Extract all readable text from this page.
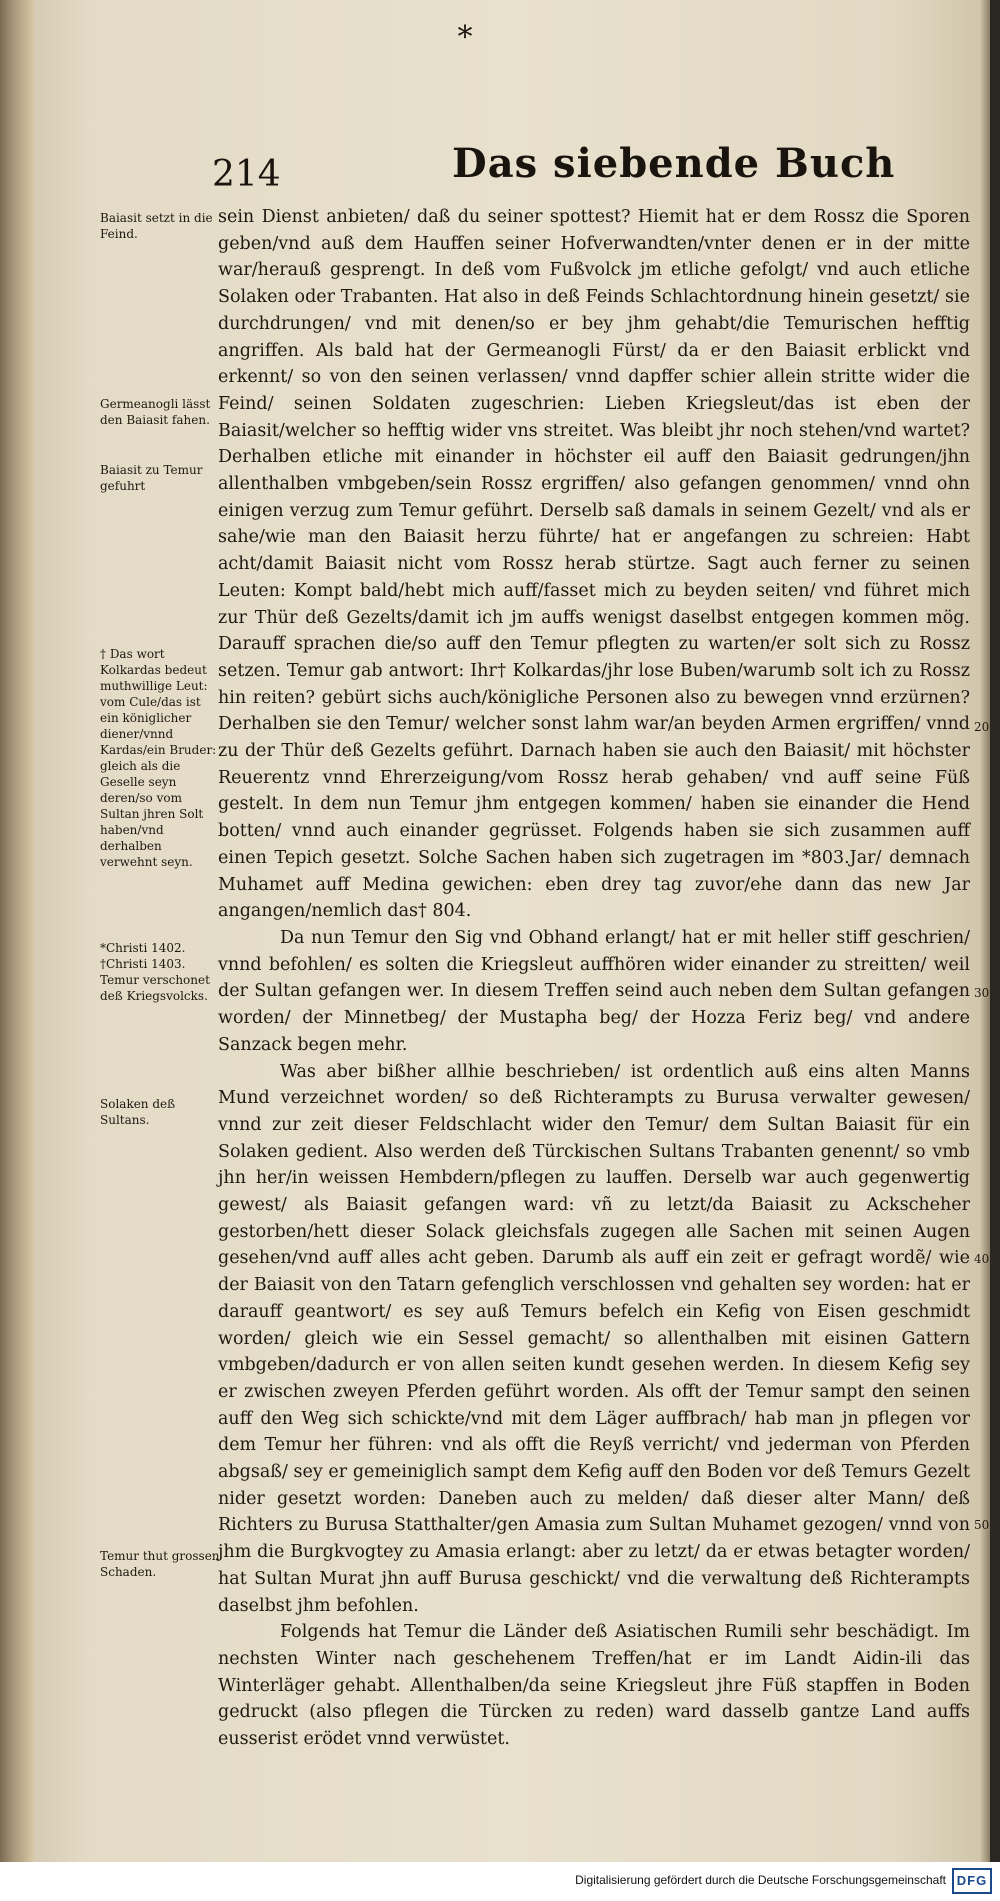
*
214	Das siebende Buch
Baiasit setzt in die Feind.
Germeanogli lässt den Baiasit fahen.
Baiasit zu Temur gefuhrt
† Das wort Kolkardas bedeut muthwillige Leut: vom Cule/das ist ein königlicher diener/vnnd Kardas/ein Bruder: gleich als die Geselle seyn deren/so vom Sultan jhren Solt haben/vnd derhalben verwehnt seyn.
*Christi 1402.
†Christi 1403.
Temur verschonet deß Kriegsvolcks.
Solaken deß Sultans.
Temur thut grossen Schaden.
20
30
40
50

sein Dienst anbieten/ daß du seiner spottest? Hiemit hat er dem Rossz die Sporen geben/vnd auß dem Hauffen seiner Hofverwandten/vnter denen er in der mitte war/herauß gesprengt. In deß vom Fußvolck jm etliche gefolgt/ vnd auch etliche Solaken oder Trabanten. Hat also in deß Feinds Schlachtordnung hinein gesetzt/ sie durchdrungen/ vnd mit denen/so er bey jhm gehabt/die Temurischen hefftig angriffen. Als bald hat der Germeanogli Fürst/ da er den Baiasit erblickt vnd erkennt/ so von den seinen verlassen/ vnnd dapffer schier allein stritte wider die Feind/ seinen Soldaten zugeschrien: Lieben Kriegsleut/das ist eben der Baiasit/welcher so hefftig wider vns streitet. Was bleibt jhr noch stehen/vnd wartet? Derhalben etliche mit einander in höchster eil auff den Baiasit gedrungen/jhn allenthalben vmbgeben/sein Rossz ergriffen/ also gefangen genommen/ vnnd ohn einigen verzug zum Temur geführt. Derselb saß damals in seinem Gezelt/ vnd als er sahe/wie man den Baiasit herzu führte/ hat er angefangen zu schreien: Habt acht/damit Baiasit nicht vom Rossz herab stürtze. Sagt auch ferner zu seinen Leuten: Kompt bald/hebt mich auff/fasset mich zu beyden seiten/ vnd führet mich zur Thür deß Gezelts/damit ich jm auffs wenigst daselbst entgegen kommen mög. Darauff sprachen die/so auff den Temur pflegten zu warten/er solt sich zu Rossz setzen. Temur gab antwort: Ihr† Kolkardas/jhr lose Buben/warumb solt ich zu Rossz hin reiten? gebürt sichs auch/königliche Personen also zu bewegen vnnd erzürnen? Derhalben sie den Temur/ welcher sonst lahm war/an beyden Armen ergriffen/ vnnd zu der Thür deß Gezelts geführt. Darnach haben sie auch den Baiasit/ mit höchster Reuerentz vnnd Ehrerzeigung/vom Rossz herab gehaben/ vnd auff seine Füß gestelt. In dem nun Temur jhm entgegen kommen/ haben sie einander die Hend botten/ vnnd auch einander gegrüsset. Folgends haben sie sich zusammen auff einen Tepich gesetzt. Solche Sachen haben sich zugetragen im *803.Jar/ demnach Muhamet auff Medina gewichen: eben drey tag zuvor/ehe dann das new Jar angangen/nemlich das† 804.

Da nun Temur den Sig vnd Obhand erlangt/ hat er mit heller stiff geschrien/ vnnd befohlen/ es solten die Kriegsleut auffhören wider einander zu streitten/ weil der Sultan gefangen wer. In diesem Treffen seind auch neben dem Sultan gefangen worden/ der Minnetbeg/ der Mustapha beg/ der Hozza Feriz beg/ vnd andere Sanzack begen mehr.

Was aber bißher allhie beschrieben/ ist ordentlich auß eins alten Manns Mund verzeichnet worden/ so deß Richterampts zu Burusa verwalter gewesen/ vnnd zur zeit dieser Feldschlacht wider den Temur/ dem Sultan Baiasit für ein Solaken gedient. Also werden deß Türckischen Sultans Trabanten genennt/ so vmb jhn her/in weissen Hembdern/pflegen zu lauffen. Derselb war auch gegenwertig gewest/ als Baiasit gefangen ward: vñ zu letzt/da Baiasit zu Ackscheher gestorben/hett dieser Solack gleichsfals zugegen alle Sachen mit seinen Augen gesehen/vnd auff alles acht geben. Darumb als auff ein zeit er gefragt wordẽ/ wie der Baiasit von den Tatarn gefenglich verschlossen vnd gehalten sey worden: hat er darauff geantwort/ es sey auß Temurs befelch ein Kefig von Eisen geschmidt worden/ gleich wie ein Sessel gemacht/ so allenthalben mit eisinen Gattern vmbgeben/dadurch er von allen seiten kundt gesehen werden. In diesem Kefig sey er zwischen zweyen Pferden geführt worden. Als offt der Temur sampt den seinen auff den Weg sich schickte/vnd mit dem Läger auffbrach/ hab man jn pflegen vor dem Temur her führen: vnd als offt die Reyß verricht/ vnd jederman von Pferden abgsaß/ sey er gemeiniglich sampt dem Kefig auff den Boden vor deß Temurs Gezelt nider gesetzt worden: Daneben auch zu melden/ daß dieser alter Mann/ deß Richters zu Burusa Statthalter/gen Amasia zum Sultan Muhamet gezogen/ vnnd von jhm die Burgkvogtey zu Amasia erlangt: aber zu letzt/ da er etwas betagter worden/ hat Sultan Murat jhn auff Burusa geschickt/ vnd die verwaltung deß Richterampts daselbst jhm befohlen.

Folgends hat Temur die Länder deß Asiatischen Rumili sehr beschädigt. Im nechsten Winter nach geschehenem Treffen/hat er im Landt Aidin-ili das Winterläger gehabt. Allenthalben/da seine Kriegsleut jhre Füß stapffen in Boden gedruckt (also pflegen die Türcken zu reden) ward dasselb gantze Land auffs eusserist erödet vnnd verwüstet.

Digitalisierung gefördert durch die Deutsche Forschungsgemeinschaft DFG
